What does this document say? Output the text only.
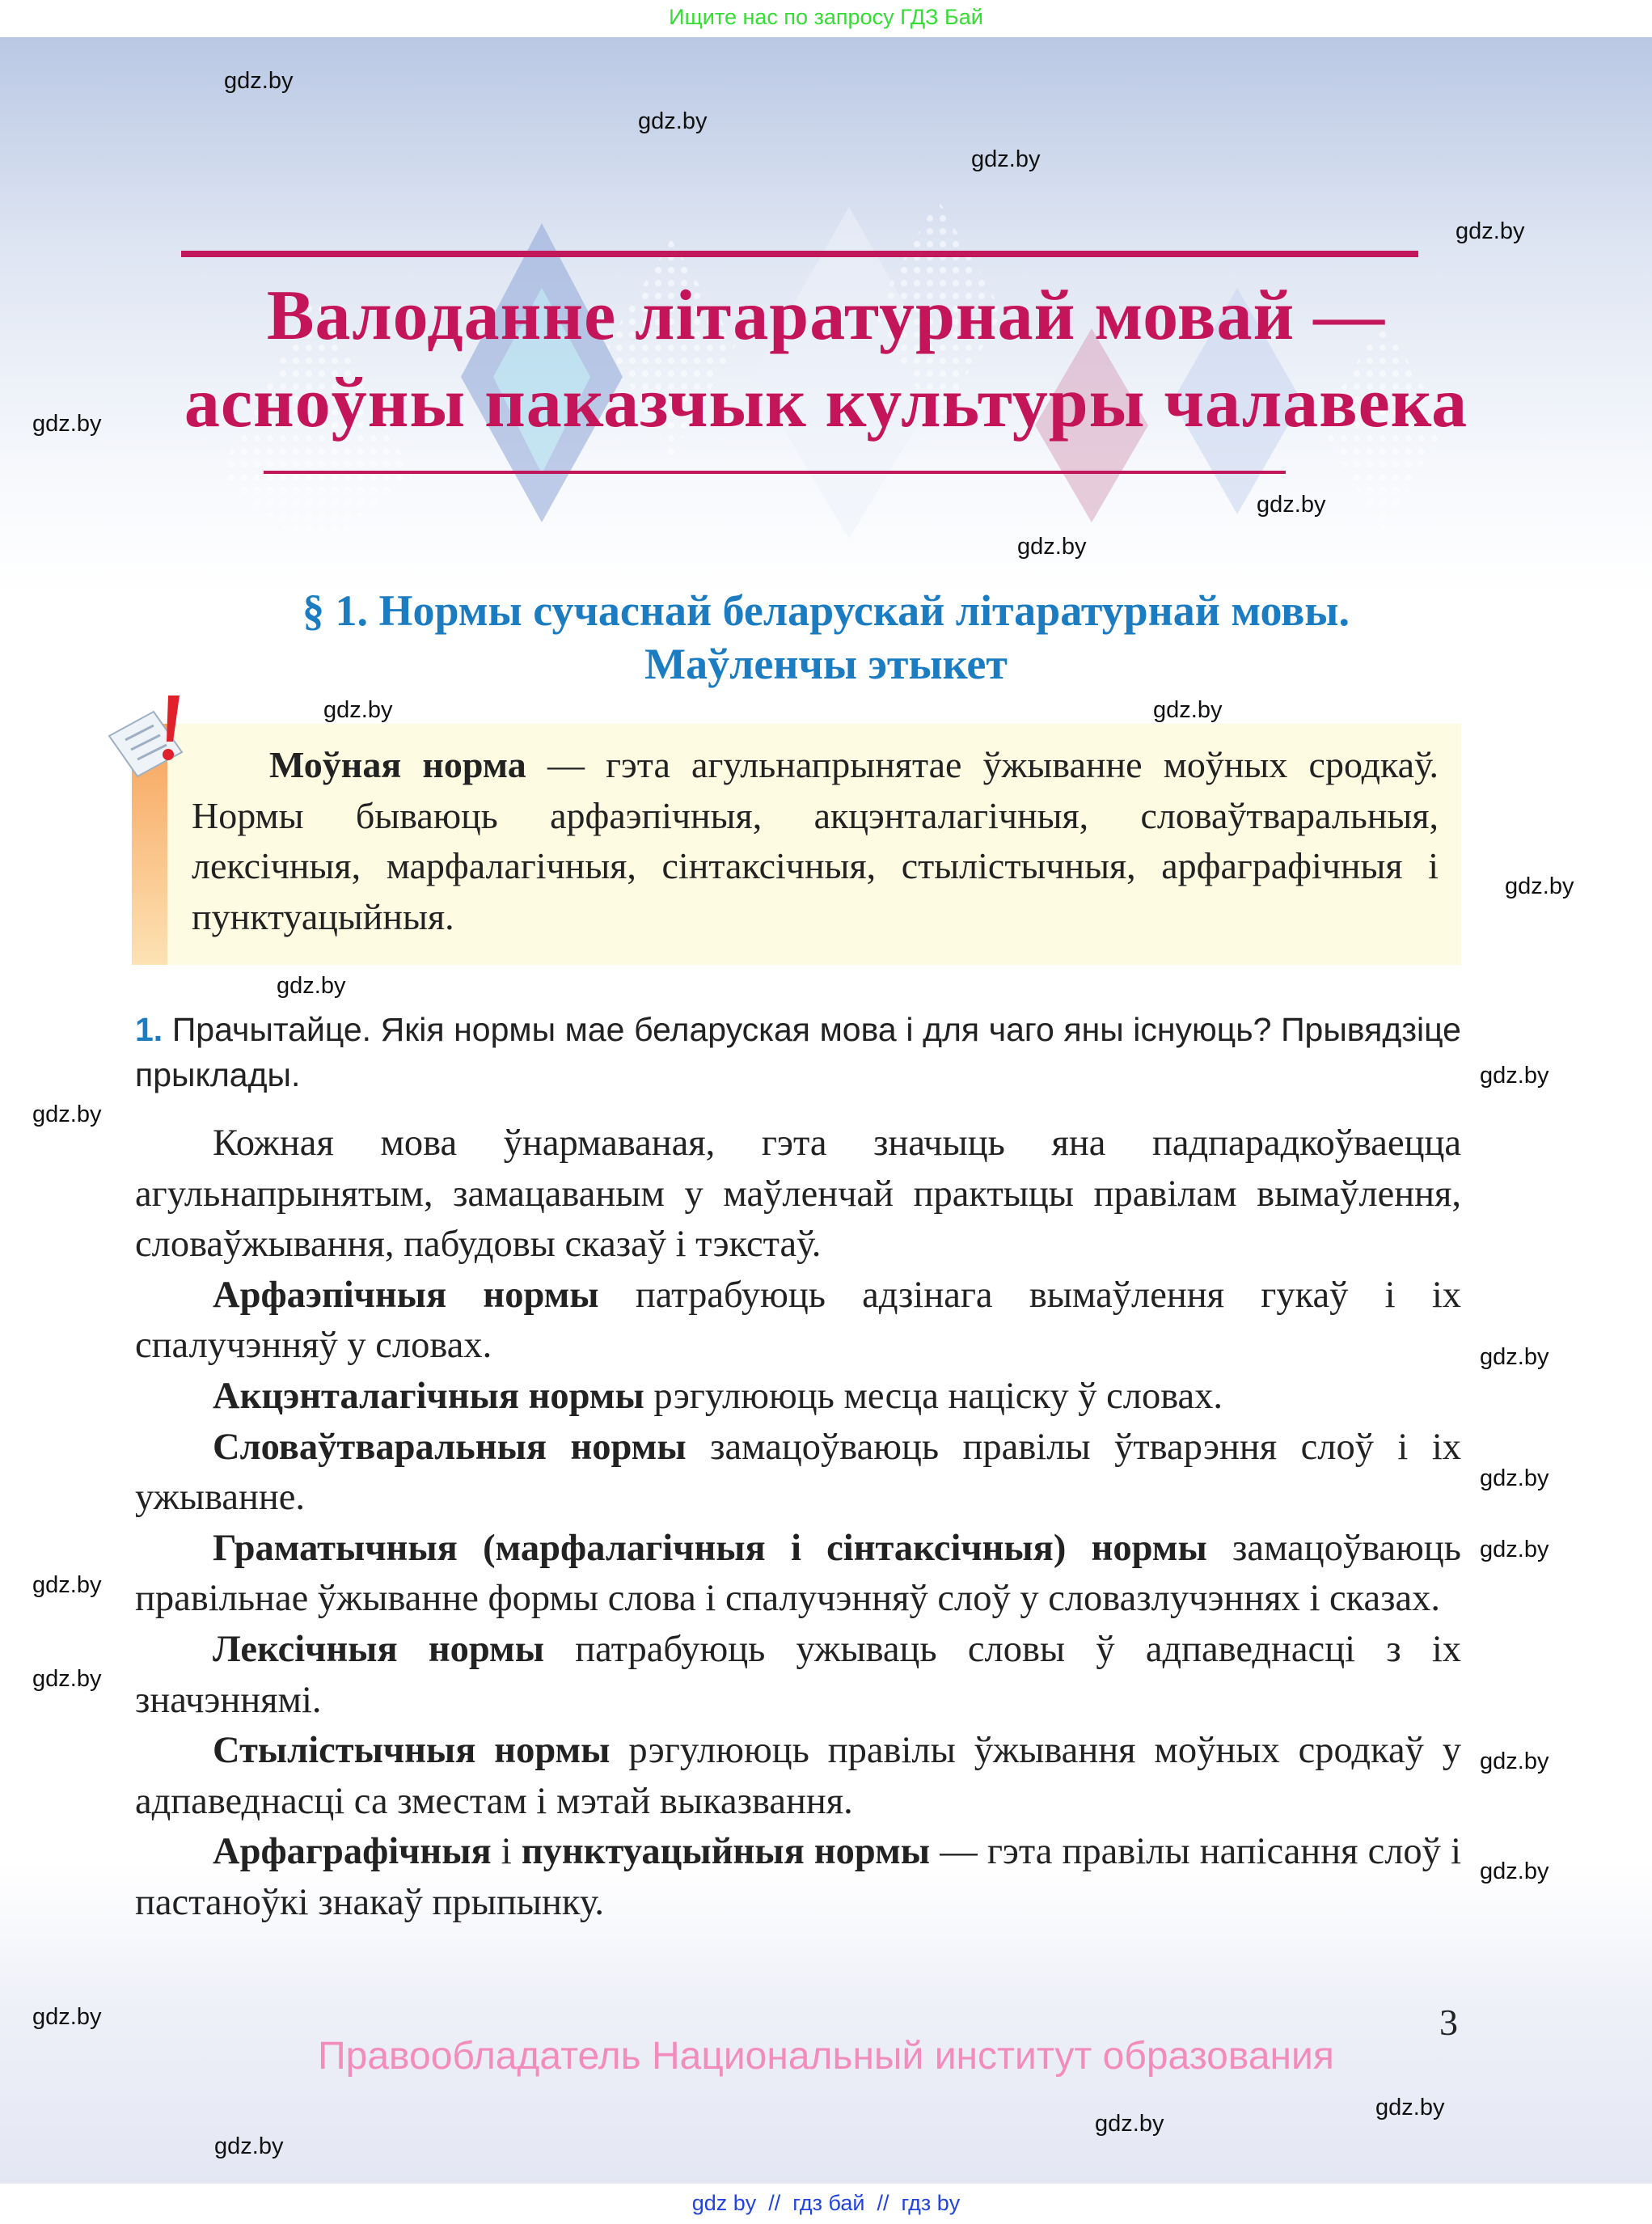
Ищите нас по запросу ГДЗ Бай
Валоданне літаратурнай мовай —
асноўны паказчык культуры чалавека
§ 1. Нормы сучаснай беларускай літаратурнай мовы.
Маўленчы этыкет

Моўная норма — гэта агульнапрынятае ўжыванне моўных сродкаў. Нормы бываюць арфаэпічныя, акцэнталагічныя, словаўтваральныя, лексічныя, марфалагічныя, сінтаксічныя, стылістычныя, арфаграфічныя і пунктуацыйныя.

1. Прачытайце. Якія нормы мае беларуская мова і для чаго яны існуюць? Прывядзіце прыклады.

Кожная мова ўнармаваная, гэта значыць яна падпарадкоўваецца агульнапрынятым, замацаваным у маўленчай практыцы правілам вымаўлення, словаўжывання, пабудовы сказаў і тэкстаў.

Арфаэпічныя нормы патрабуюць адзінага вымаўлення гукаў і іх спалучэнняў у словах.

Акцэнталагічныя нормы рэгулююць месца націску ў словах.

Словаўтваральныя нормы замацоўваюць правілы ўтварэння слоў і іх ужыванне.

Граматычныя (марфалагічныя і сінтаксічныя) нормы замацоўваюць правільнае ўжыванне формы слова і спалучэнняў слоў у словазлучэннях і сказах.

Лексічныя нормы патрабуюць ужываць словы ў адпаведнасці з іх значэннямі.

Стылістычныя нормы рэгулююць правілы ўжывання моўных сродкаў у адпаведнасці са зместам і мэтай выказвання.

Арфаграфічныя і пунктуацыйныя нормы — гэта правілы напісання слоў і пастаноўкі знакаў прыпынку.

3
Правообладатель Национальный институт образования
gdz.by
gdz.by
gdz.by
gdz.by
gdz.by
gdz.by
gdz.by
gdz.by	gdz.by
gdz.by
gdz.by
gdz.by
gdz.by
gdz.by
gdz.by
gdz.by
gdz.by
gdz.by
gdz.by
gdz.by
gdz.by
gdz.by
gdz.by
gdz.by
gdz by  //  гдз бай  //  гдз by
